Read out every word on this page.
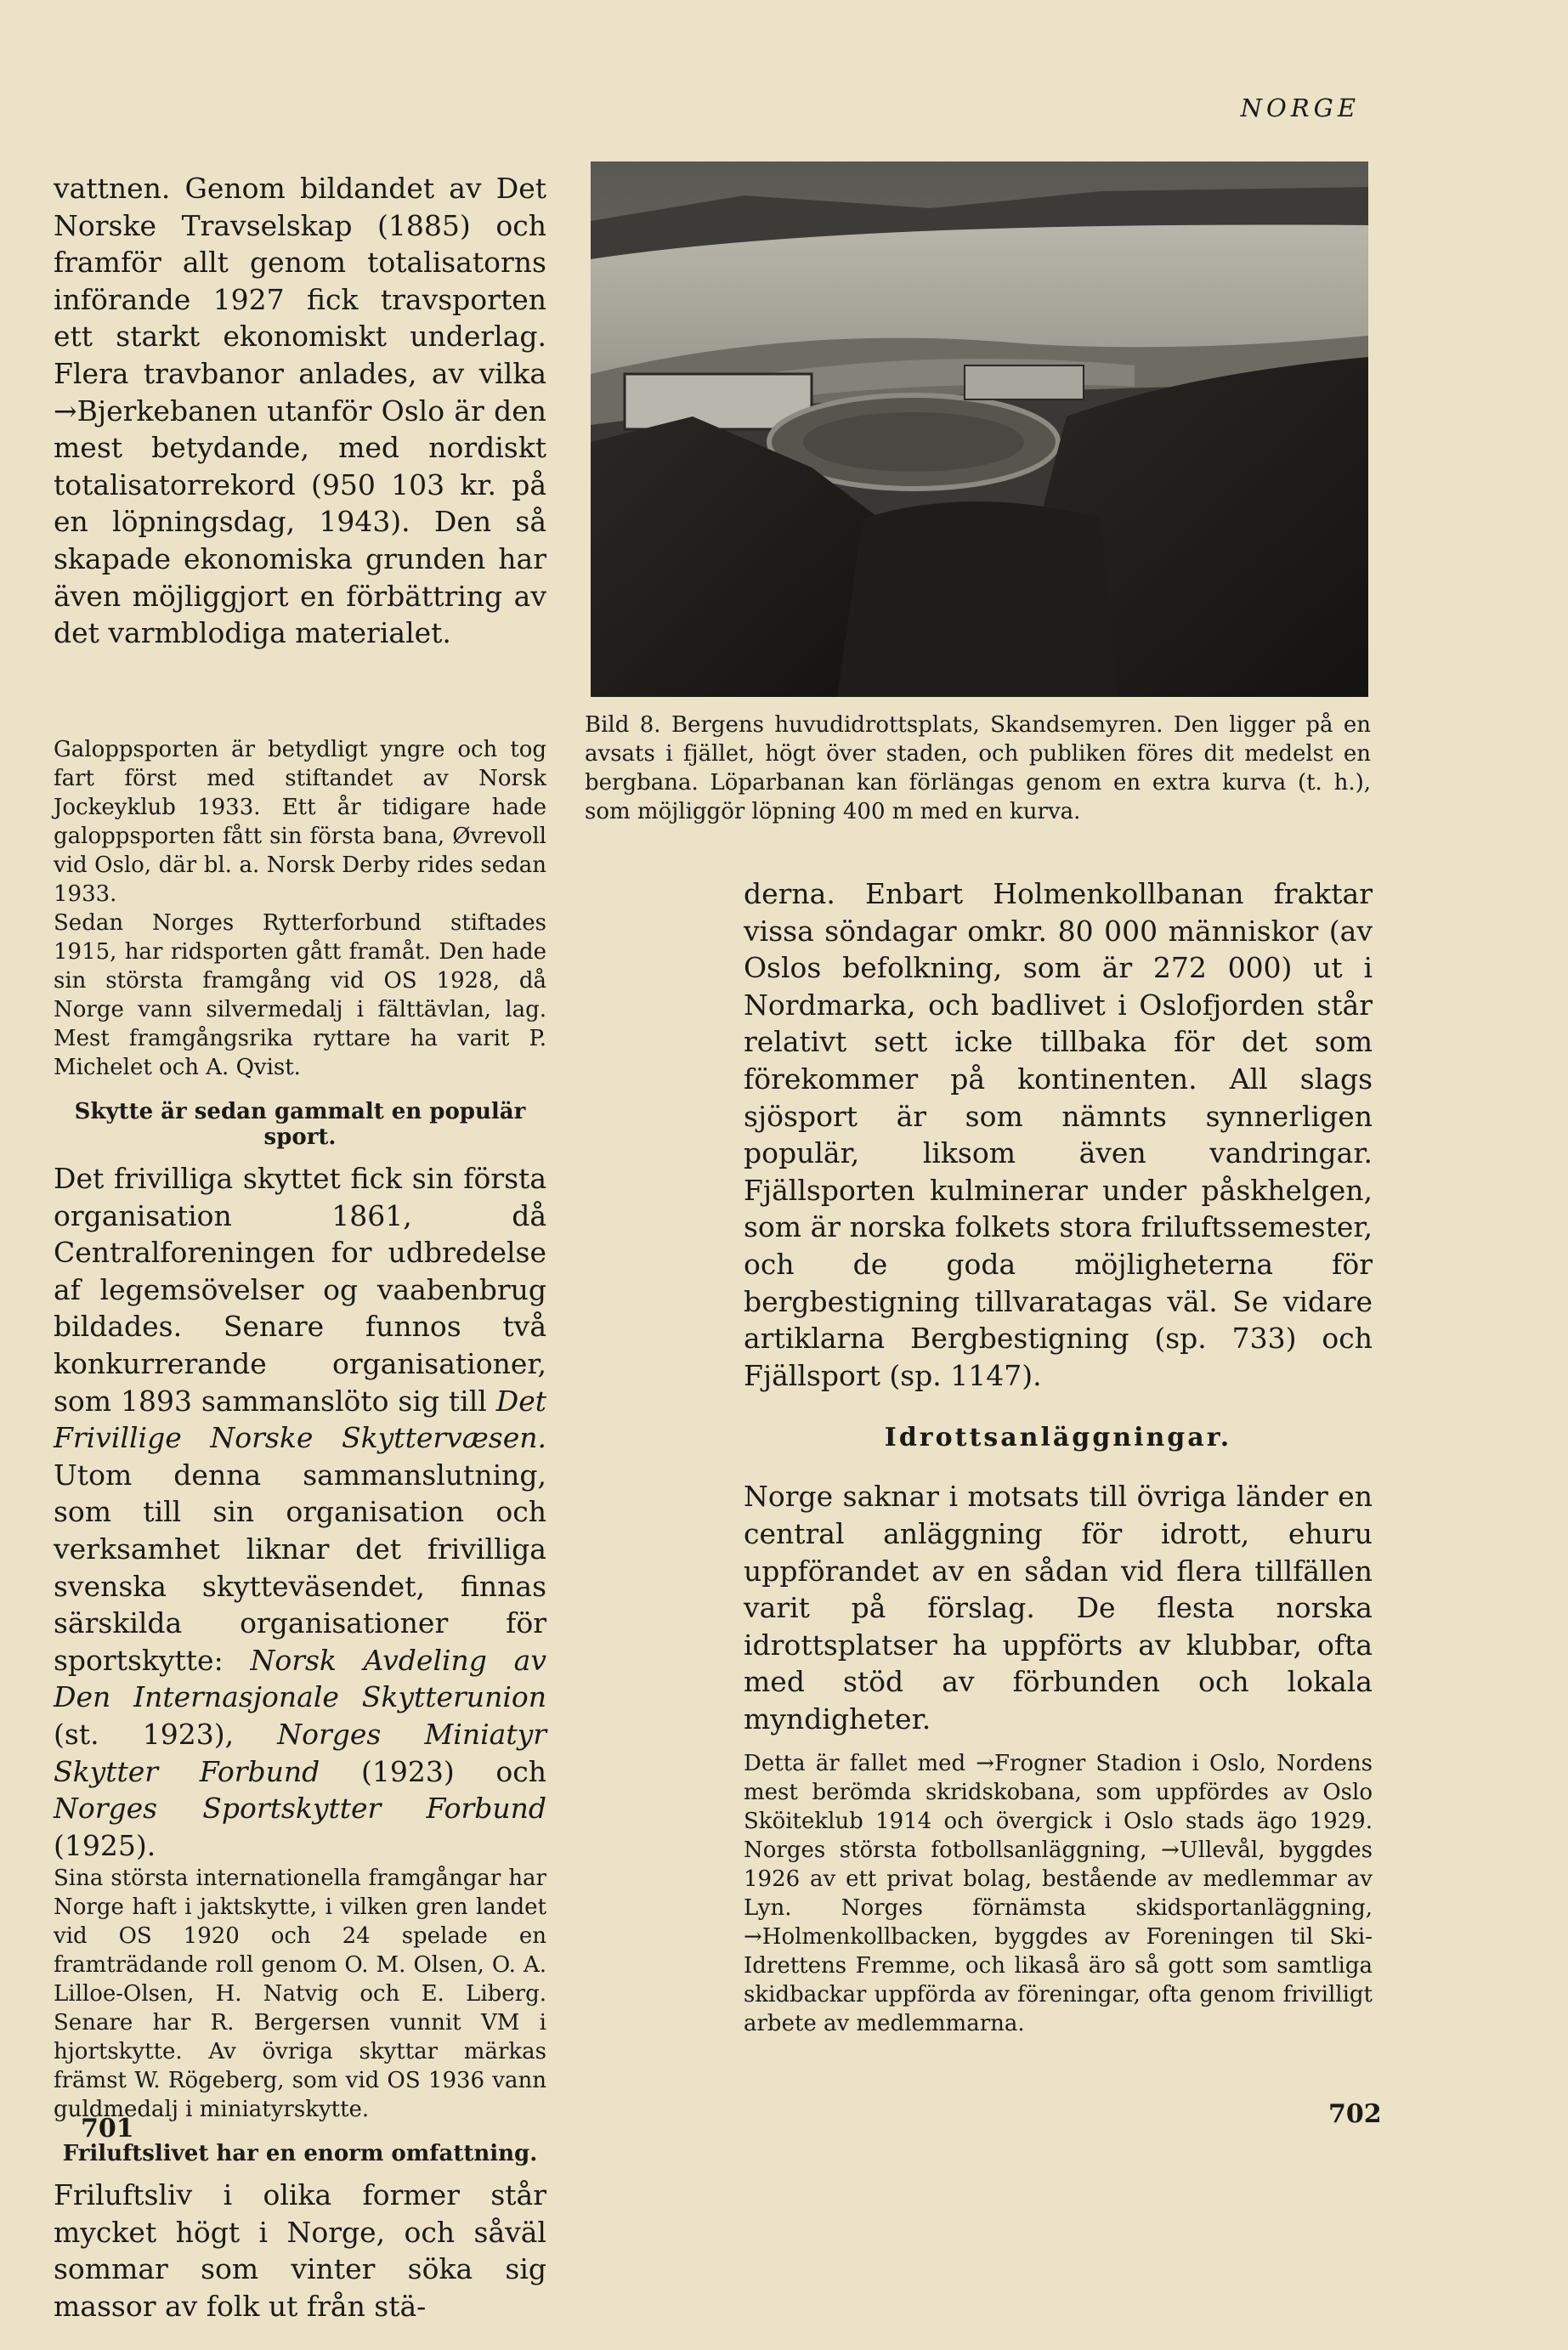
NORGE

vattnen. Genom bildandet av Det Norske Travselskap (1885) och framför allt genom totalisatorns införande 1927 fick travsporten ett starkt ekonomiskt underlag. Flera travbanor anlades, av vilka →Bjerkebanen utanför Oslo är den mest betydande, med nordiskt totalisatorrekord (950 103 kr. på en löpningsdag, 1943). Den så skapade ekonomiska grunden har även möjliggjort en förbättring av det varmblodiga materialet.

Galoppsporten är betydligt yngre och tog fart först med stiftandet av Norsk Jockeyklub 1933. Ett år tidigare hade galoppsporten fått sin första bana, Øvrevoll vid Oslo, där bl. a. Norsk Derby rides sedan 1933.

Sedan Norges Rytterforbund stiftades 1915, har ridsporten gått framåt. Den hade sin största framgång vid OS 1928, då Norge vann silvermedalj i fälttävlan, lag. Mest framgångsrika ryttare ha varit P. Michelet och A. Qvist.

Skytte är sedan gammalt en populär sport.

Det frivilliga skyttet fick sin första organisation 1861, då Centralforeningen for udbredelse af legemsövelser og vaabenbrug bildades. Senare funnos två konkurrerande organisationer, som 1893 sammanslöto sig till Det Frivillige Norske Skyttervæsen. Utom denna sammanslutning, som till sin organisation och verksamhet liknar det frivilliga svenska skytteväsendet, finnas särskilda organisationer för sportskytte: Norsk Avdeling av Den Internasjonale Skytterunion (st. 1923), Norges Miniatyr Skytter Forbund (1923) och Norges Sportskytter Forbund (1925).

Sina största internationella framgångar har Norge haft i jaktskytte, i vilken gren landet vid OS 1920 och 24 spelade en framträdande roll genom O. M. Olsen, O. A. Lilloe-Olsen, H. Natvig och E. Liberg. Senare har R. Bergersen vunnit VM i hjortskytte. Av övriga skyttar märkas främst W. Rögeberg, som vid OS 1936 vann guldmedalj i miniatyrskytte.

Friluftslivet har en enorm omfattning.

Friluftsliv i olika former står mycket högt i Norge, och såväl sommar som vinter söka sig massor av folk ut från stä-

Bild 8. Bergens huvudidrottsplats, Skandsemyren. Den ligger på en avsats i fjället, högt över staden, och publiken föres dit medelst en bergbana. Löparbanan kan förlängas genom en extra kurva (t. h.), som möjliggör löpning 400 m med en kurva.

derna. Enbart Holmenkollbanan fraktar vissa söndagar omkr. 80 000 människor (av Oslos befolkning, som är 272 000) ut i Nordmarka, och badlivet i Oslofjorden står relativt sett icke tillbaka för det som förekommer på kontinenten. All slags sjösport är som nämnts synnerligen populär, liksom även vandringar. Fjällsporten kulminerar under påskhelgen, som är norska folkets stora friluftssemester, och de goda möjligheterna för bergbestigning tillvaratagas väl. Se vidare artiklarna Bergbestigning (sp. 733) och Fjällsport (sp. 1147).

Idrottsanläggningar.

Norge saknar i motsats till övriga länder en central anläggning för idrott, ehuru uppförandet av en sådan vid flera tillfällen varit på förslag. De flesta norska idrottsplatser ha uppförts av klubbar, ofta med stöd av förbunden och lokala myndigheter.

Detta är fallet med →Frogner Stadion i Oslo, Nordens mest berömda skridskobana, som uppfördes av Oslo Sköiteklub 1914 och övergick i Oslo stads ägo 1929. Norges största fotbollsanläggning, →Ullevål, byggdes 1926 av ett privat bolag, bestående av medlemmar av Lyn. Norges förnämsta skidsportanläggning, →Holmenkollbacken, byggdes av Foreningen til Ski-Idrettens Fremme, och likaså äro så gott som samtliga skidbackar uppförda av föreningar, ofta genom frivilligt arbete av medlemmarna.

701	702
